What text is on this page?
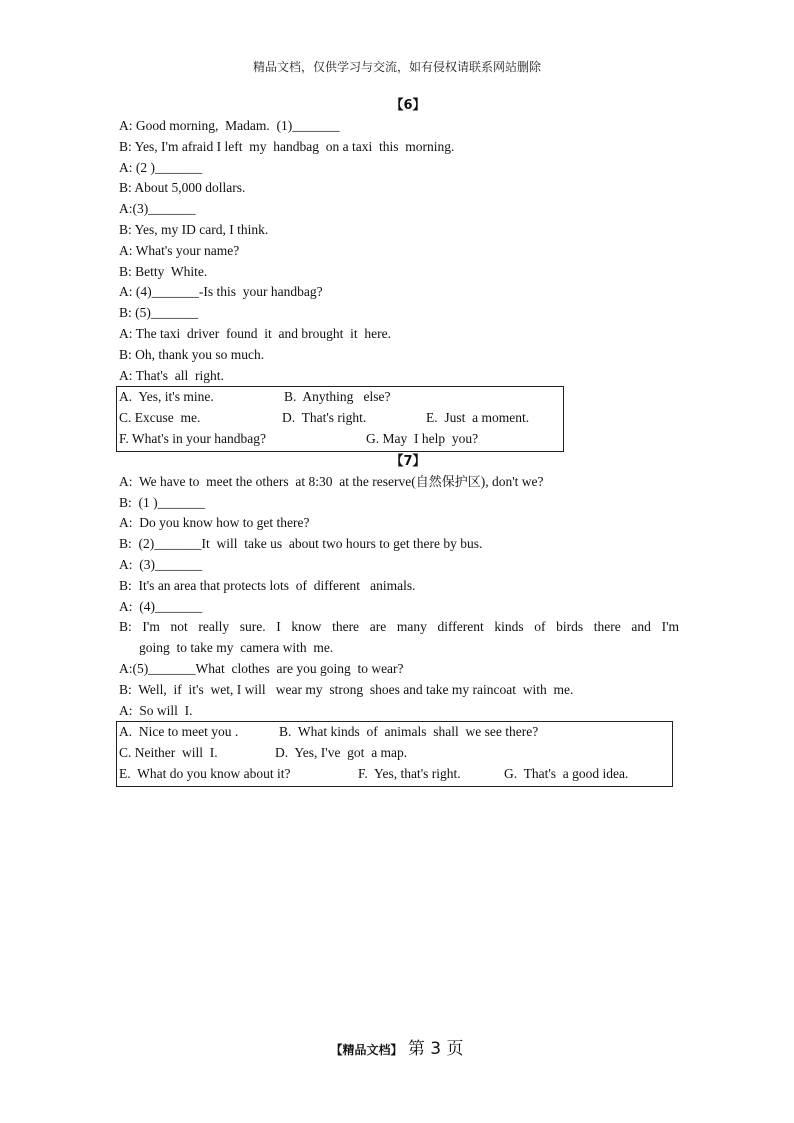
精品文档，仅供学习与交流，如有侵权请联系网站删除
【6】
A: Good morning,  Madam.  (1)_______
B: Yes, I'm afraid I left  my  handbag  on a taxi  this  morning.
A: (2 )_______
B: About 5,000 dollars.
A:(3)_______
B: Yes, my ID card, I think.
A: What's your name?
B: Betty  White.
A: (4)_______-Is this  your handbag?
B: (5)_______
A: The taxi  driver  found  it  and brought  it  here.
B: Oh, thank you so much.
A: That's  all  right.
A.  Yes, it's mine.	B.  Anything   else?
C. Excuse  me.	D.  That's right.	E.  Just  a moment.
F. What's in your handbag?	G. May  I help  you?
【7】
A:  We have to  meet the others  at 8:30  at the reserve(自然保护区), don't we?
B:  (1 )_______
A:  Do you know how to get there?
B:  (2)_______It  will  take us  about two hours to get there by bus.
A:  (3)_______
B:  It's an area that protects lots  of  different   animals.
A:  (4)_______
B: I'm not really sure. I know there are many different kinds of birds there and I'm
going  to take my  camera with  me.
A:(5)_______What  clothes  are you going  to wear?
B:  Well,  if  it's  wet, I will   wear my  strong  shoes and take my raincoat  with  me.
A:  So will  I.
A.  Nice to meet you .	B.  What kinds  of  animals  shall  we see there?
C. Neither  will  I.	D.  Yes, I've  got  a map.
E.  What do you know about it?	F.  Yes, that's right.	G.  That's  a good idea.
【精品文档】 第 3 页
